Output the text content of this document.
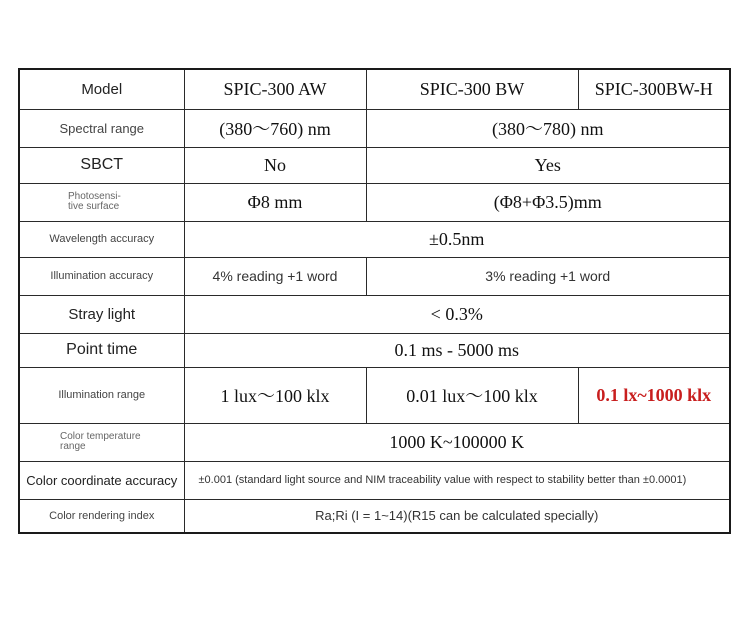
Model	SPIC-300 AW	SPIC-300 BW	SPIC-300BW-H
Spectral range	(380～760) nm	(380～780) nm	
SBCT	No	Yes	
Photosensi-
tive surface	Φ8 mm	(Φ8+Φ3.5)mm	
Wavelength accuracy	±0.5nm		
Illumination accuracy	4% reading +1 word	3% reading +1 word	
Stray light	< 0.3%		
Point time	0.1 ms - 5000 ms		
Illumination range	1 lux～100 klx	0.01 lux～100 klx	0.1 lx~1000 klx
Color temperature
range	1000 K~100000 K		
Color coordinate accuracy	±0.001 (standard light source and NIM traceability value with respect to stability better than ±0.0001)		
Color rendering index	Ra;Ri (I = 1~14)(R15 can be calculated specially)		
